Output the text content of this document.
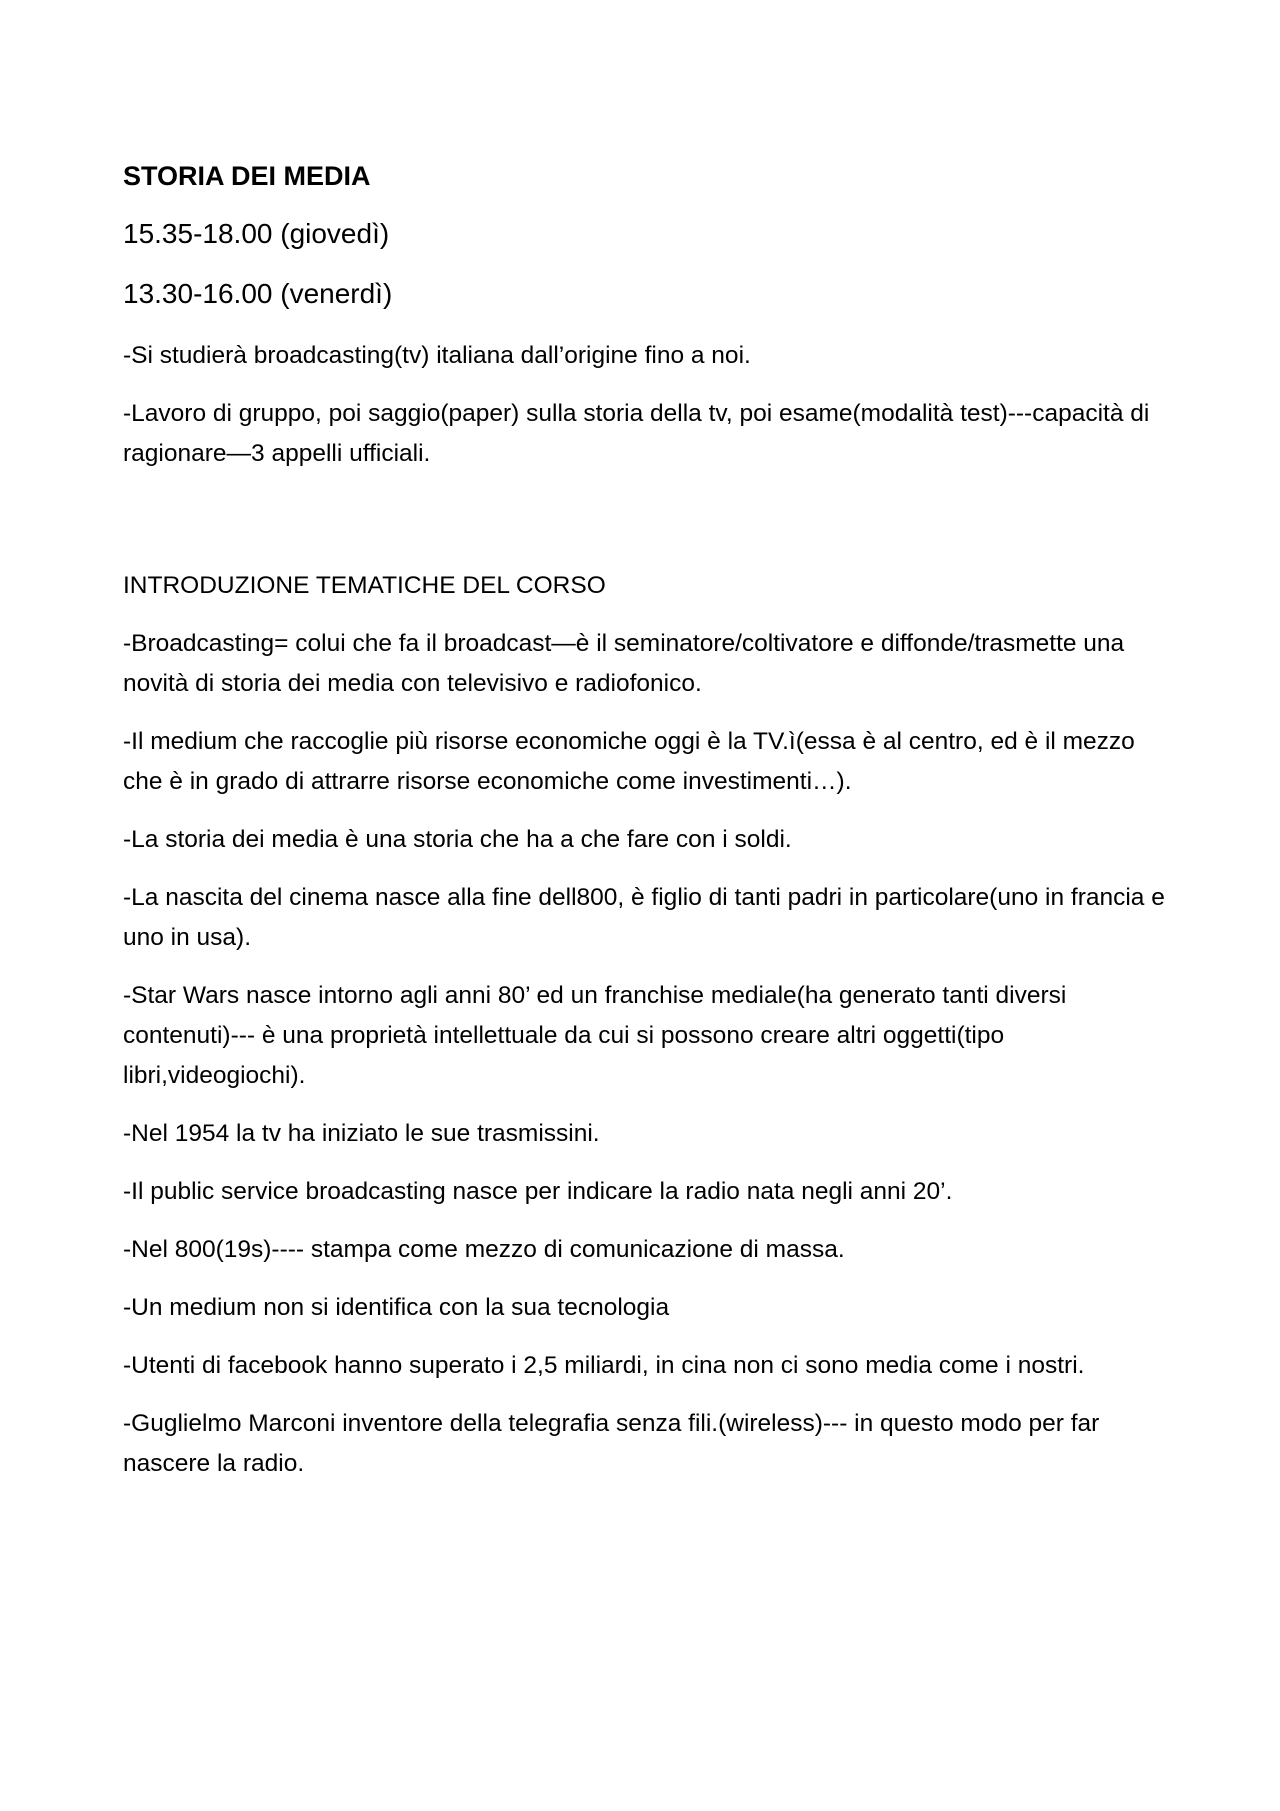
STORIA DEI MEDIA
15.35-18.00 (giovedì)
13.30-16.00 (venerdì)
-Si studierà broadcasting(tv) italiana dall’origine fino a noi.
-Lavoro di gruppo, poi saggio(paper) sulla storia della tv, poi esame(modalità test)---capacità di ragionare—3 appelli ufficiali.
INTRODUZIONE TEMATICHE DEL CORSO
-Broadcasting= colui che fa il broadcast—è il seminatore/coltivatore e diffonde/trasmette una novità di storia dei media con televisivo e radiofonico.
-Il medium che raccoglie più risorse economiche oggi è la TV.ì(essa è al centro, ed è il mezzo che è in grado di attrarre risorse economiche come investimenti…).
-La storia dei media è una storia che ha a che fare con i soldi.
-La nascita del cinema nasce alla fine dell800, è figlio di tanti padri in particolare(uno in francia e uno in usa).
-Star Wars nasce intorno agli anni 80’ ed un franchise mediale(ha generato tanti diversi contenuti)--- è una proprietà intellettuale da cui si possono creare altri oggetti(tipo libri,videogiochi).
-Nel 1954 la tv ha iniziato le sue trasmissini.
-Il public service broadcasting nasce per indicare la radio nata negli anni 20’.
-Nel 800(19s)---- stampa come mezzo di comunicazione di massa.
-Un medium non si identifica con la sua tecnologia
-Utenti di facebook hanno superato i 2,5 miliardi, in cina non ci sono media come i nostri.
-Guglielmo Marconi inventore della telegrafia senza fili.(wireless)--- in questo modo per far nascere la radio.
